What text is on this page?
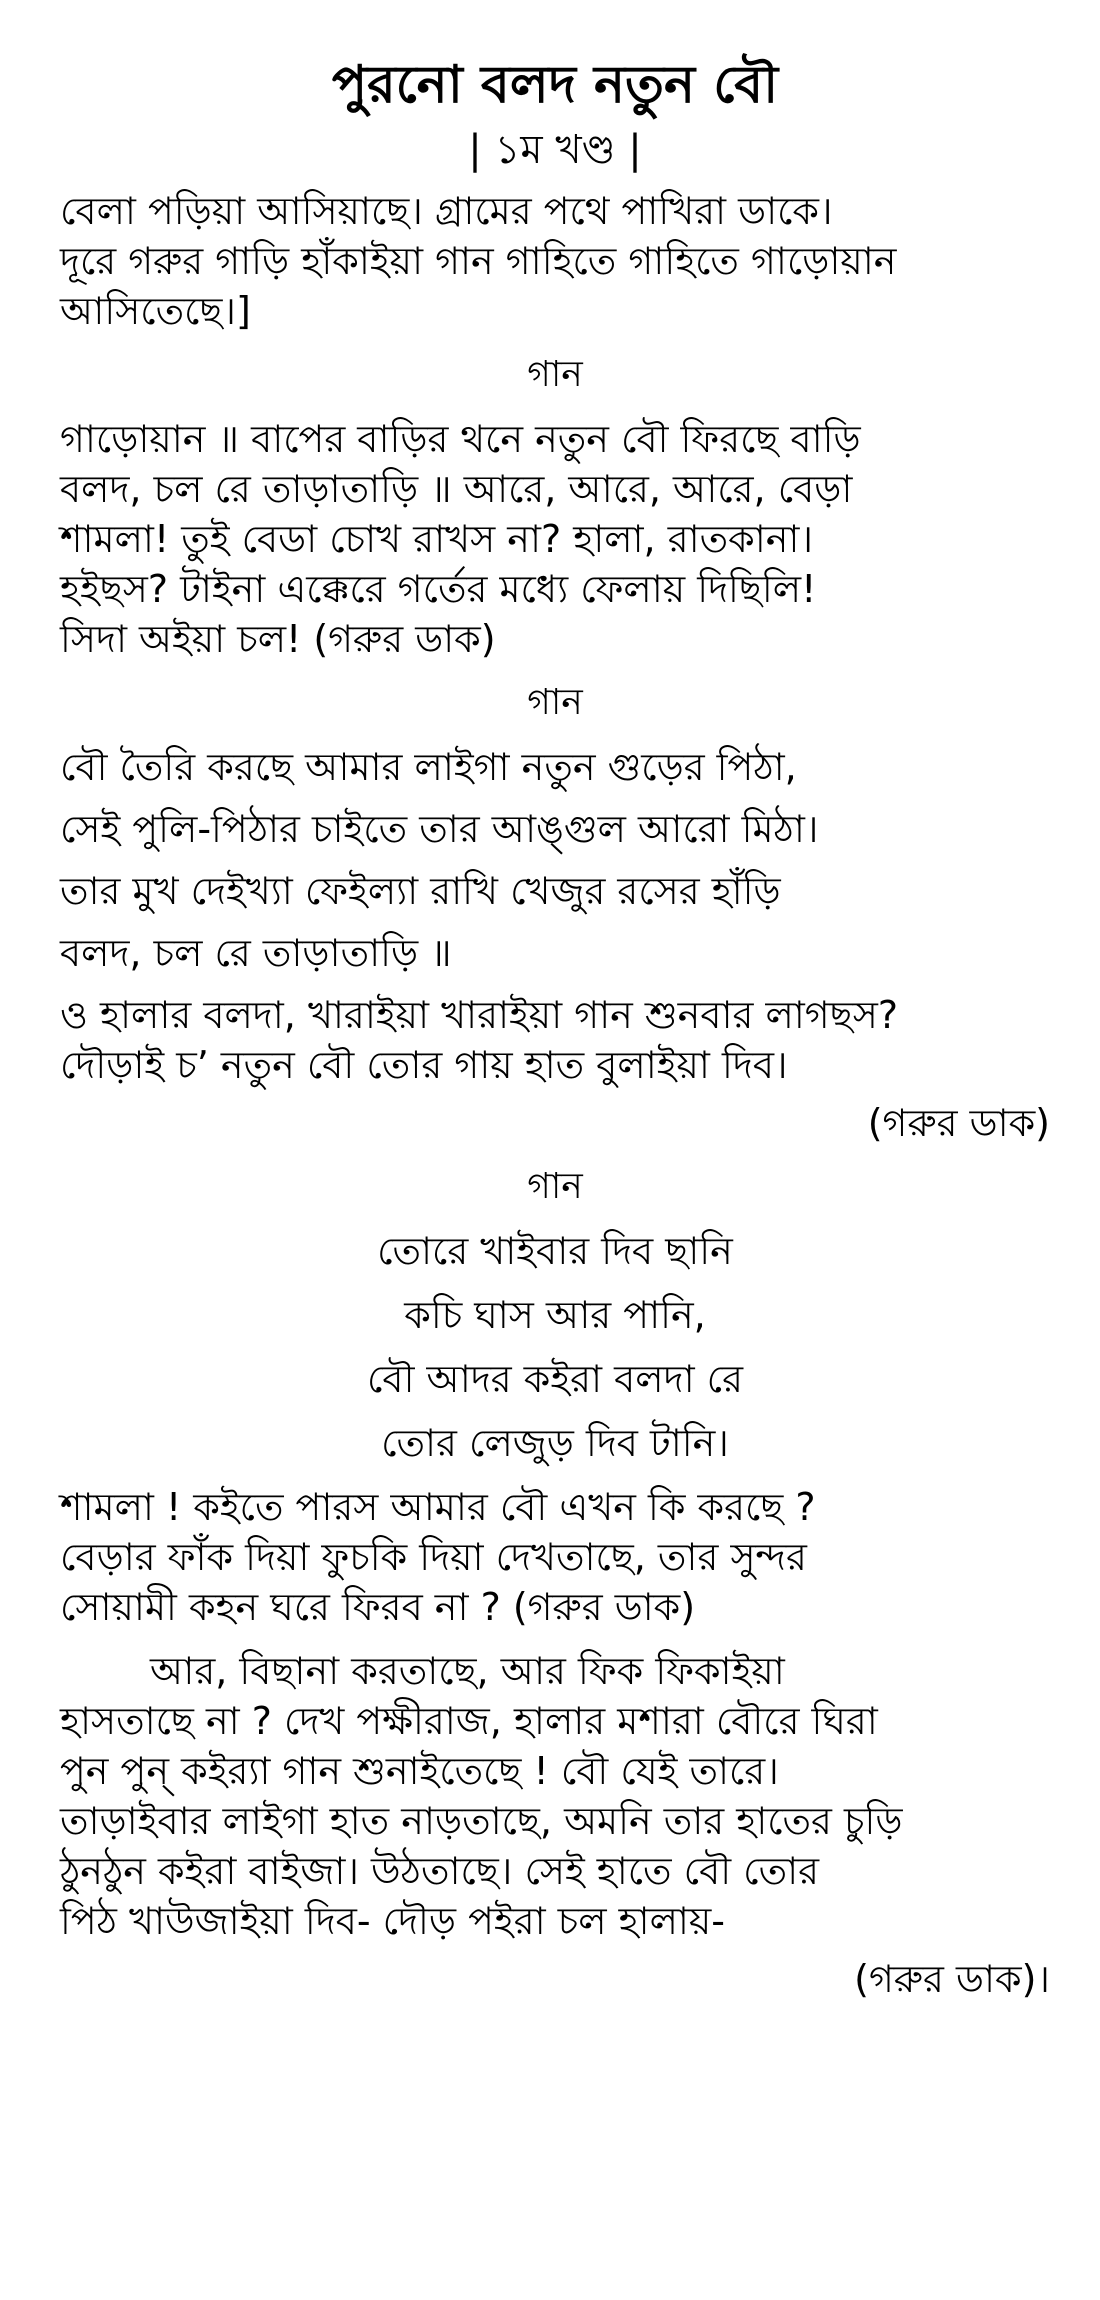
পুরনো বলদ নতুন বৌ
| ১ম খণ্ড |

বেলা পড়িয়া আসিয়াছে। গ্রামের পথে পাখিরা ডাকে।
দূরে গরুর গাড়ি হাঁকাইয়া গান গাহিতে গাহিতে গাড়োয়ান
আসিতেছে।]

গান

গাড়োয়ান ॥ বাপের বাড়ির থনে নতুন বৌ ফিরছে বাড়ি
বলদ, চল রে তাড়াতাড়ি ॥ আরে, আরে, আরে, বেড়া
শামলা! তুই বেডা চোখ রাখস না? হালা, রাতকানা।
হইছস? টাইনা এক্কেরে গর্তের মধ্যে ফেলায় দিছিলি!
সিদা অইয়া চল! (গরুর ডাক)

গান
বৌ তৈরি করছে আমার লাইগা নতুন গুড়ের পিঠা,
সেই পুলি-পিঠার চাইতে তার আঙ্গুল আরো মিঠা।
তার মুখ দেইখ্যা ফেইল্যা রাখি খেজুর রসের হাঁড়ি
বলদ, চল রে তাড়াতাড়ি ॥

ও হালার বলদা, খারাইয়া খারাইয়া গান শুনবার লাগছস?
দৌড়াই চ’ নতুন বৌ তোর গায় হাত বুলাইয়া দিব।

(গরুর ডাক)
গান
তোরে খাইবার দিব ছানি
কচি ঘাস আর পানি,
বৌ আদর কইরা বলদা রে
তোর লেজুড় দিব টানি।

শামলা ! কইতে পারস আমার বৌ এখন কি করছে ?
বেড়ার ফাঁক দিয়া ফুচকি দিয়া দেখতাছে, তার সুন্দর
সোয়ামী কহন ঘরে ফিরব না ? (গরুর ডাক)

আর, বিছানা করতাছে, আর ফিক ফিকাইয়া
হাসতাছে না ? দেখ পক্ষীরাজ, হালার মশারা বৌরে ঘিরা
পুন পুন্ কইর‍্যা গান শুনাইতেছে ! বৌ যেই তারে।
তাড়াইবার লাইগা হাত নাড়তাছে, অমনি তার হাতের চুড়ি
ঠুনঠুন কইরা বাইজা। উঠতাছে। সেই হাতে বৌ তোর
পিঠ খাউজাইয়া দিব- দৌড় পইরা চল হালায়-

(গরুর ডাক)।
